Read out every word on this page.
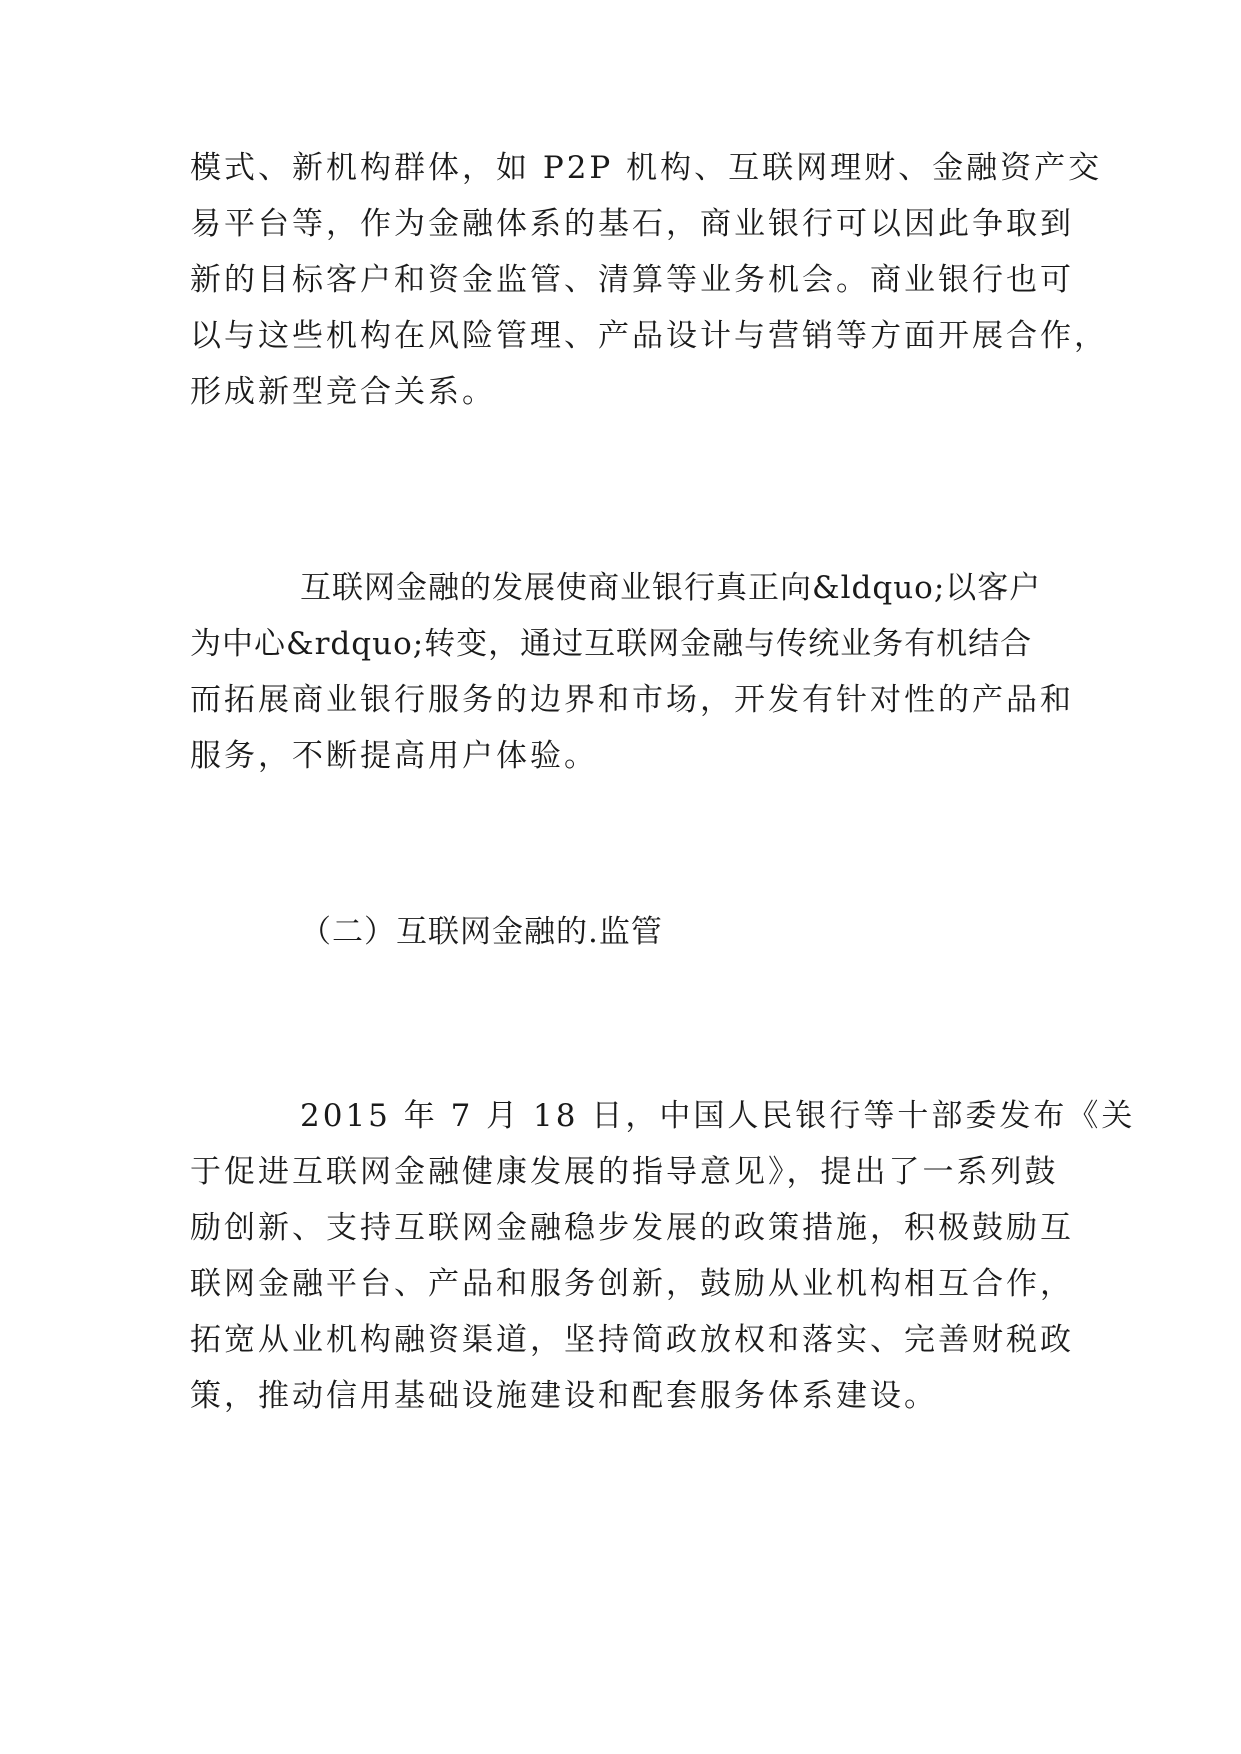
模式、新机构群体，如 P2P 机构、互联网理财、金融资产交

易平台等，作为金融体系的基石，商业银行可以因此争取到

新的目标客户和资金监管、清算等业务机会。商业银行也可

以与这些机构在风险管理、产品设计与营销等方面开展合作，

形成新型竞合关系。

互联网金融的发展使商业银行真正向&ldquo;以客户

为中心&rdquo;转变，通过互联网金融与传统业务有机结合

而拓展商业银行服务的边界和市场，开发有针对性的产品和

服务，不断提高用户体验。

（二）互联网金融的.监管

2015 年 7 月 18 日，中国人民银行等十部委发布《关

于促进互联网金融健康发展的指导意见》，提出了一系列鼓

励创新、支持互联网金融稳步发展的政策措施，积极鼓励互

联网金融平台、产品和服务创新，鼓励从业机构相互合作，

拓宽从业机构融资渠道，坚持简政放权和落实、完善财税政

策，推动信用基础设施建设和配套服务体系建设。
